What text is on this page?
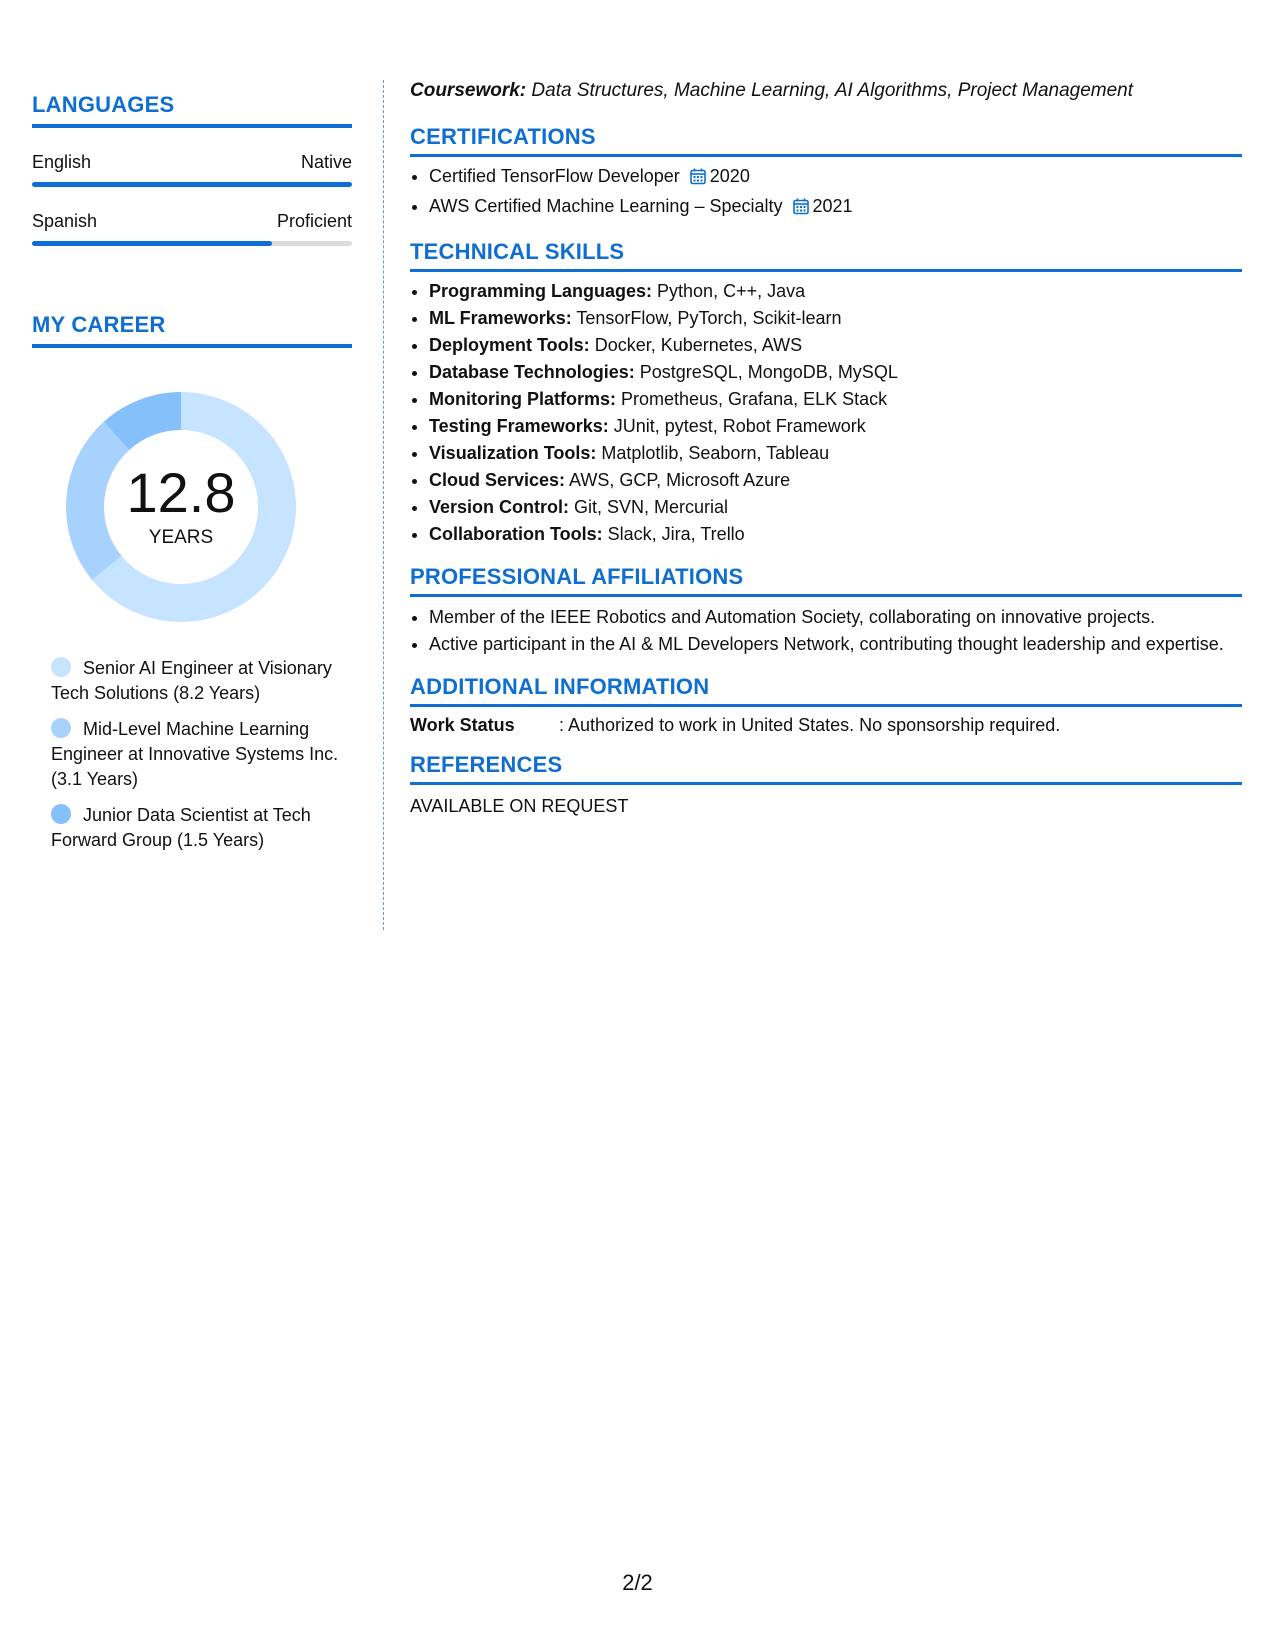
LANGUAGES
English	Native
Spanish	Proficient
MY CAREER
12.8
YEARS
Senior AI Engineer at Visionary Tech Solutions (8.2 Years)
Mid-Level Machine Learning Engineer at Innovative Systems Inc. (3.1 Years)
Junior Data Scientist at Tech Forward Group (1.5 Years)

Coursework: Data Structures, Machine Learning, AI Algorithms, Project Management

CERTIFICATIONS
• Certified TensorFlow Developer 2020
• AWS Certified Machine Learning – Specialty 2021
TECHNICAL SKILLS
• Programming Languages: Python, C++, Java
• ML Frameworks: TensorFlow, PyTorch, Scikit-learn
• Deployment Tools: Docker, Kubernetes, AWS
• Database Technologies: PostgreSQL, MongoDB, MySQL
• Monitoring Platforms: Prometheus, Grafana, ELK Stack
• Testing Frameworks: JUnit, pytest, Robot Framework
• Visualization Tools: Matplotlib, Seaborn, Tableau
• Cloud Services: AWS, GCP, Microsoft Azure
• Version Control: Git, SVN, Mercurial
• Collaboration Tools: Slack, Jira, Trello
PROFESSIONAL AFFILIATIONS
• Member of the IEEE Robotics and Automation Society, collaborating on innovative projects.
• Active participant in the AI & ML Developers Network, contributing thought leadership and expertise.
ADDITIONAL INFORMATION
Work Status	: Authorized to work in United States. No sponsorship required.
REFERENCES
AVAILABLE ON REQUEST
2/2
